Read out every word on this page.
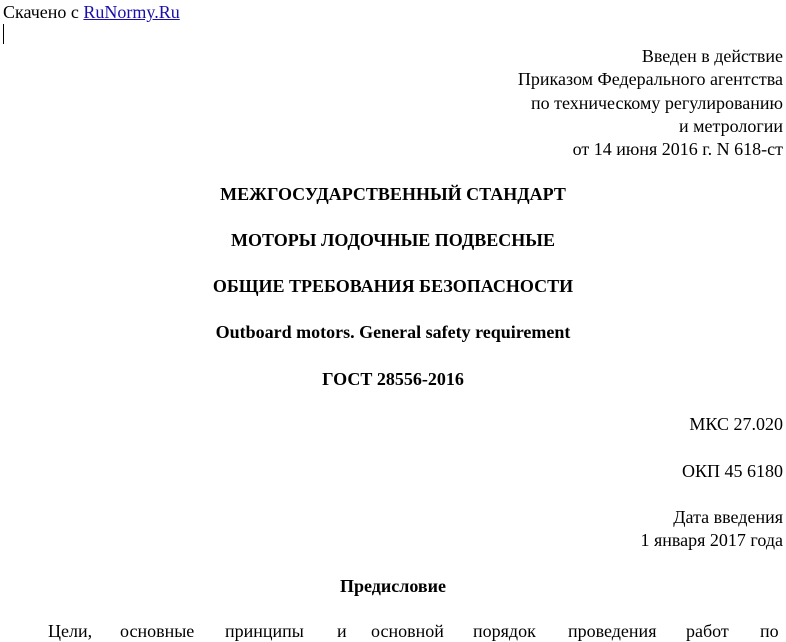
Скачено с RuNormy.Ru
Введен в действие
Приказом Федерального агентства
по техническому регулированию
и метрологии
от 14 июня 2016 г. N 618-ст
МЕЖГОСУДАРСТВЕННЫЙ СТАНДАРТ
МОТОРЫ ЛОДОЧНЫЕ ПОДВЕСНЫЕ
ОБЩИЕ ТРЕБОВАНИЯ БЕЗОПАСНОСТИ
Outboard motors. General safety requirement
ГОСТ 28556-2016
МКС 27.020
ОКП 45 6180
Дата введения
1 января 2017 года
Предисловие
Цели, основные принципы и основной порядок проведения работ по
